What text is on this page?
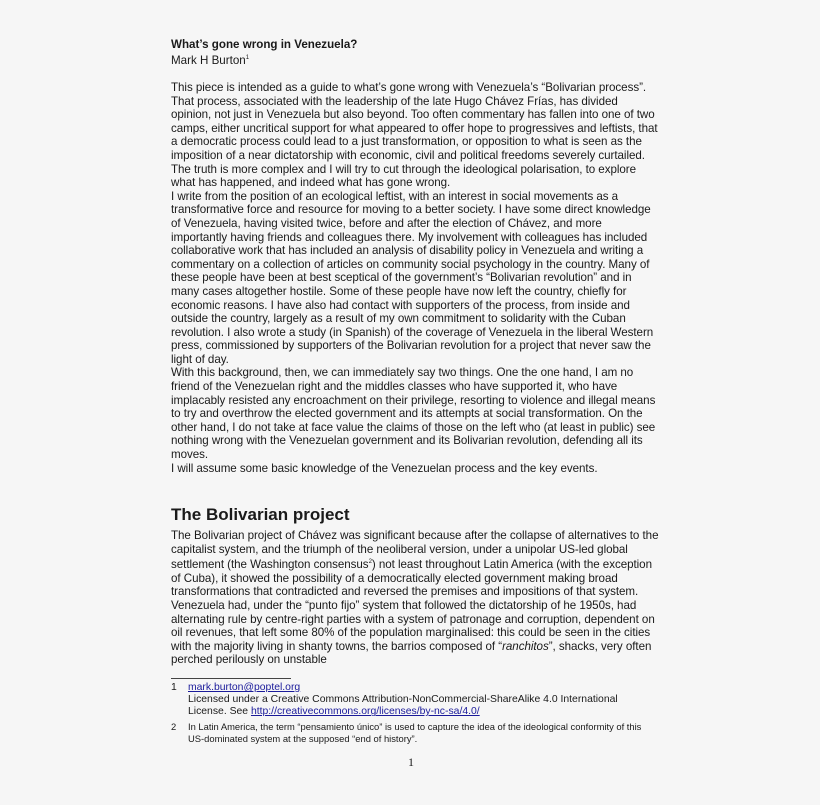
What’s gone wrong in Venezuela?
Mark H Burton$^1$

This piece is intended as a guide to what’s gone wrong with Venezuela’s “Bolivarian process”. That process, associated with the leadership of the late Hugo Chávez Frías, has divided opinion, not just in Venezuela but also beyond. Too often commentary has fallen into one of two camps, either uncritical support for what appeared to offer hope to progressives and leftists, that a democratic process could lead to a just transformation, or opposition to what is seen as the imposition of a near dictatorship with economic, civil and political freedoms severely curtailed. The truth is more complex and I will try to cut through the ideological polarisation, to explore what has happened, and indeed what has gone wrong.

I write from the position of an ecological leftist, with an interest in social movements as a transformative force and resource for moving to a better society. I have some direct knowledge of Venezuela, having visited twice, before and after the election of Chávez, and more importantly having friends and colleagues there. My involvement with colleagues has included collaborative work that has included an analysis of disability policy in Venezuela and writing a commentary on a collection of articles on community social psychology in the country. Many of these people have been at best sceptical of the government’s “Bolivarian revolution” and in many cases altogether hostile. Some of these people have now left the country, chiefly for economic reasons. I have also had contact with supporters of the process, from inside and outside the country, largely as a result of my own commitment to solidarity with the Cuban revolution. I also wrote a study (in Spanish) of the coverage of Venezuela in the liberal Western press, commissioned by supporters of the Bolivarian revolution for a project that never saw the light of day.

With this background, then, we can immediately say two things. One the one hand, I am no friend of the Venezuelan right and the middles classes who have supported it, who have implacably resisted any encroachment on their privilege, resorting to violence and illegal means to try and overthrow the elected government and its attempts at social transformation. On the other hand, I do not take at face value the claims of those on the left who (at least in public) see nothing wrong with the Venezuelan government and its Bolivarian revolution, defending all its moves.

I will assume some basic knowledge of the Venezuelan process and the key events.

The Bolivarian project

The Bolivarian project of Chávez was significant because after the collapse of alternatives to the capitalist system, and the triumph of the neoliberal version, under a unipolar US-led global settlement (the Washington consensus$^2$) not least throughout Latin America (with the exception of Cuba), it showed the possibility of a democratically elected government making broad transformations that contradicted and reversed the premises and impositions of that system. Venezuela had, under the “punto fijo” system that followed the dictatorship of he 1950s, had alternating rule by centre-right parties with a system of patronage and corruption, dependent on oil revenues, that left some 80% of the population marginalised: this could be seen in the cities with the majority living in shanty towns, the barrios composed of “ranchitos”, shacks, very often perched perilously on unstable

1 mark.burton@poptel.org
Licensed under a Creative Commons Attribution-NonCommercial-ShareAlike 4.0 International License. See http://creativecommons.org/licenses/by-nc-sa/4.0/
2 In Latin America, the term “pensamiento único” is used to capture the idea of the ideological conformity of this US-dominated system at the supposed “end of history”.
1
